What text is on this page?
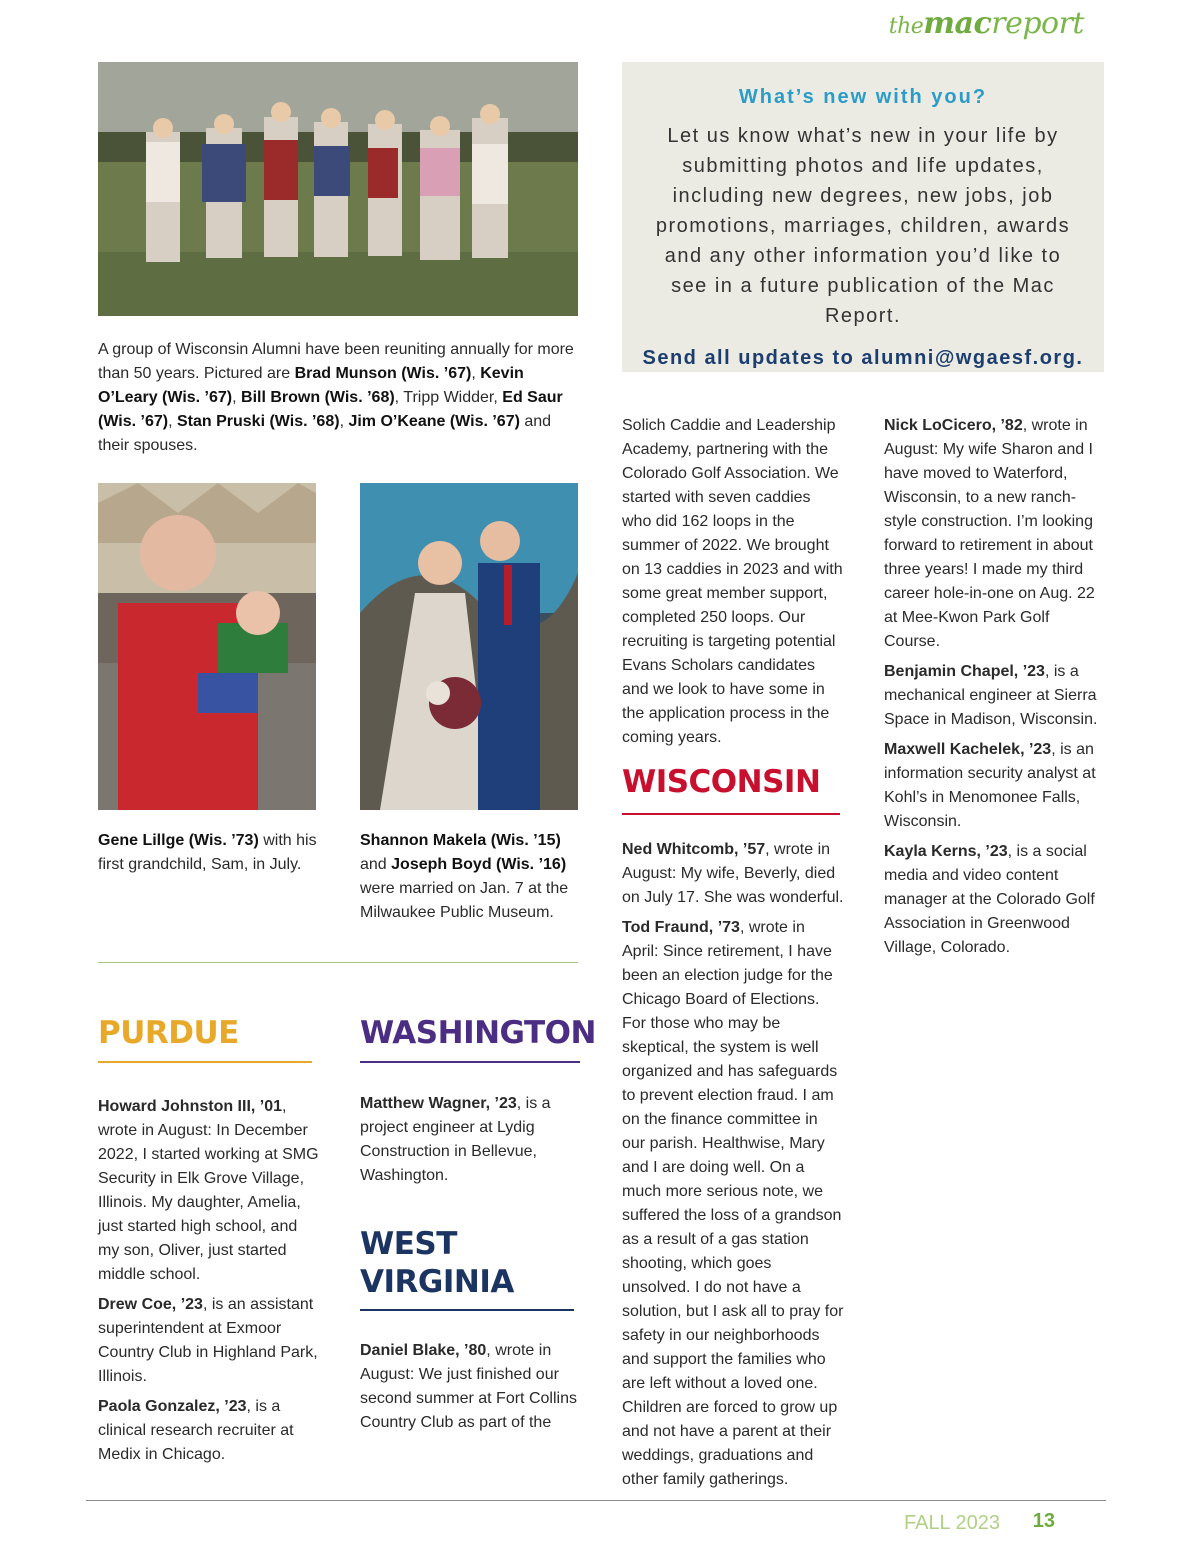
themacreport
A group of Wisconsin Alumni have been reuniting annually for more than 50 years. Pictured are Brad Munson (Wis. ’67), Kevin O’Leary (Wis. ’67), Bill Brown (Wis. ’68), Tripp Widder, Ed Saur (Wis. ’67), Stan Pruski (Wis. ’68), Jim O’Keane (Wis. ’67) and their spouses.
What’s new with you?
Let us know what’s new in your life by submitting photos and life updates, including new degrees, new jobs, job promotions, marriages, children, awards and any other information you’d like to see in a future publication of the Mac Report.
Send all updates to alumni@wgaesf.org.
Gene Lillge (Wis. ’73) with his first grandchild, Sam, in July.
Shannon Makela (Wis. ’15) and Joseph Boyd (Wis. ’16) were married on Jan. 7 at the Milwaukee Public Museum.
PURDUE

Howard Johnston III, ’01, wrote in August: In December 2022, I started working at SMG Security in Elk Grove Village, Illinois. My daughter, Amelia, just started high school, and my son, Oliver, just started middle school.

Drew Coe, ’23, is an assistant superintendent at Exmoor Country Club in Highland Park, Illinois.

Paola Gonzalez, ’23, is a clinical research recruiter at Medix in Chicago.

WASHINGTON

Matthew Wagner, ’23, is a project engineer at Lydig Construction in Bellevue, Washington.

WEST
VIRGINIA

Daniel Blake, ’80, wrote in August: We just finished our second summer at Fort Collins Country Club as part of the

Solich Caddie and Leadership Academy, partnering with the Colorado Golf Association. We started with seven caddies who did 162 loops in the summer of 2022. We brought on 13 caddies in 2023 and with some great member support, completed 250 loops. Our recruiting is targeting potential Evans Scholars candidates and we look to have some in the application process in the coming years.
WISCONSIN

Ned Whitcomb, ’57, wrote in August: My wife, Beverly, died on July 17. She was wonderful.

Tod Fraund, ’73, wrote in April: Since retirement, I have been an election judge for the Chicago Board of Elections. For those who may be skeptical, the system is well organized and has safeguards to prevent election fraud. I am on the finance committee in our parish. Healthwise, Mary and I are doing well. On a much more serious note, we suffered the loss of a grandson as a result of a gas station shooting, which goes unsolved. I do not have a solution, but I ask all to pray for safety in our neighborhoods and support the families who are left without a loved one. Children are forced to grow up and not have a parent at their weddings, graduations and other family gatherings.

Nick LoCicero, ’82, wrote in August: My wife Sharon and I have moved to Waterford, Wisconsin, to a new ranch-style construction. I’m looking forward to retirement in about three years! I made my third career hole-in-one on Aug. 22 at Mee-Kwon Park Golf Course.

Benjamin Chapel, ’23, is a mechanical engineer at Sierra Space in Madison, Wisconsin.

Maxwell Kachelek, ’23, is an information security analyst at Kohl’s in Menomonee Falls, Wisconsin.

Kayla Kerns, ’23, is a social media and video content manager at the Colorado Golf Association in Greenwood Village, Colorado.

FALL 2023 13
